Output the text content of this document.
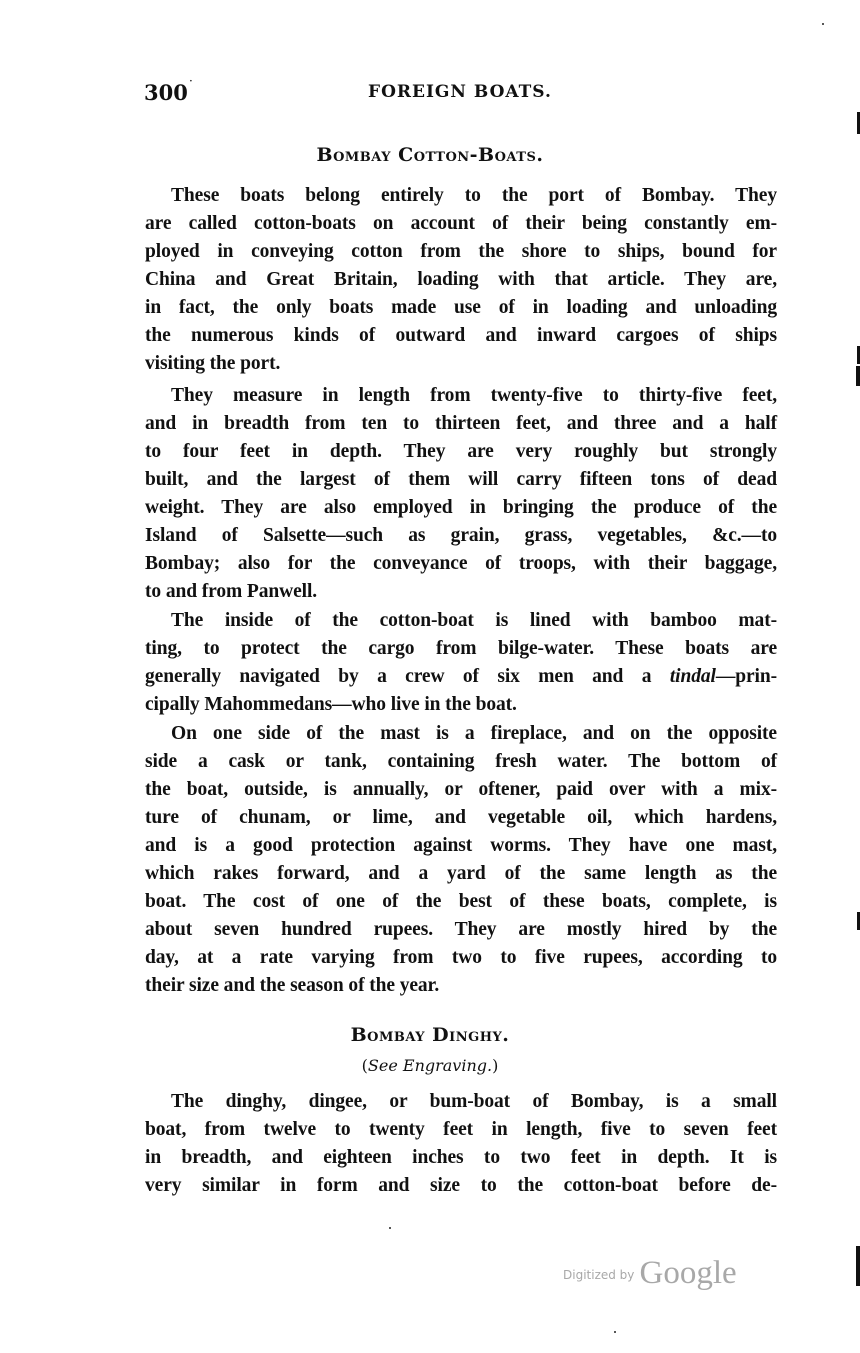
300 ·
FOREIGN BOATS.
Bombay Cotton-Boats.
These boats belong entirely to the port of Bombay. They
are called cotton-boats on account of their being constantly em-
ployed in conveying cotton from the shore to ships, bound for
China and Great Britain, loading with that article. They are,
in fact, the only boats made use of in loading and unloading
the numerous kinds of outward and inward cargoes of ships
visiting the port.
They measure in length from twenty-five to thirty-five feet,
and in breadth from ten to thirteen feet, and three and a half
to four feet in depth. They are very roughly but strongly
built, and the largest of them will carry fifteen tons of dead
weight. They are also employed in bringing the produce of the
Island of Salsette—such as grain, grass, vegetables, &c.—to
Bombay; also for the conveyance of troops, with their baggage,
to and from Panwell.
The inside of the cotton-boat is lined with bamboo mat-
ting, to protect the cargo from bilge-water. These boats are
generally navigated by a crew of six men and a tindal—prin-
cipally Mahommedans—who live in the boat.
On one side of the mast is a fireplace, and on the opposite
side a cask or tank, containing fresh water. The bottom of
the boat, outside, is annually, or oftener, paid over with a mix-
ture of chunam, or lime, and vegetable oil, which hardens,
and is a good protection against worms. They have one mast,
which rakes forward, and a yard of the same length as the
boat. The cost of one of the best of these boats, complete, is
about seven hundred rupees. They are mostly hired by the
day, at a rate varying from two to five rupees, according to
their size and the season of the year.
Bombay Dinghy.
(See Engraving.)
The dinghy, dingee, or bum-boat of Bombay, is a small
boat, from twelve to twenty feet in length, five to seven feet
in breadth, and eighteen inches to two feet in depth. It is
very similar in form and size to the cotton-boat before de-
$^{Digitized by}$ Google
